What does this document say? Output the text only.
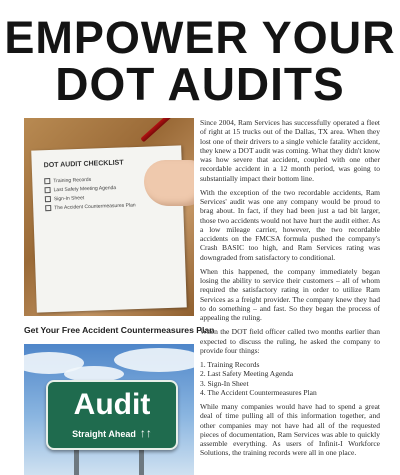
EMPOWER YOUR
DOT AUDITS
DOT AUDIT CHECKLIST
Training Records
Last Safety Meeting Agenda
Sign-In Sheet
The Accident Countermeasures Plan
Get Your Free Accident Countermeasures Plan
Audit
Straight Ahead ↑↑

Since 2004, Ram Services has successfully operated a fleet of right at 15 trucks out of the Dallas, TX area. When they lost one of their drivers to a single vehicle fatality accident, they knew a DOT audit was coming. What they didn't know was how severe that accident, coupled with one other recordable accident in a 12 month period, was going to substantially impact their bottom line.

With the exception of the two recordable accidents, Ram Services' audit was one any company would be proud to brag about. In fact, if they had been just a tad bit larger, those two accidents would not have hurt the audit either. As a low mileage carrier, however, the two recordable accidents on the FMCSA formula pushed the company's Crash BASIC too high, and Ram Services rating was downgraded from satisfactory to conditional.

When this happened, the company immediately began losing the ability to service their customers – all of whom required the satisfactory rating in order to utilize Ram Services as a freight provider. The company knew they had to do something – and fast. So they began the process of appealing the ruling.

When the DOT field officer called two months earlier than expected to discuss the ruling, he asked the company to provide four things:

1. Training Records
2. Last Safety Meeting Agenda
3. Sign-In Sheet
4. The Accident Countermeasures Plan

While many companies would have had to spend a great deal of time pulling all of this information together, and other companies may not have had all of the requested pieces of documentation, Ram Services was able to quickly assemble everything. As users of Infinit-I Workforce Solutions, the training records were all in one place.
